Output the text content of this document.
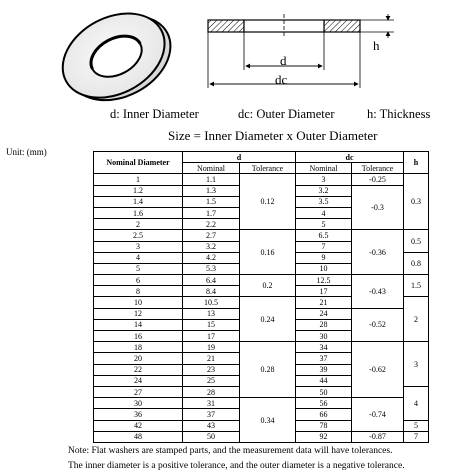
d
dc
h
d: Inner Diameter	dc: Outer Diameter	h: Thickness
Size = Inner Diameter x Outer Diameter
Unit: (mm)
Nominal Diameter	d		dc		h
	Nominal	Tolerance	Nominal	Tolerance	
1	1.1	0.12	3	-0.25	0.3
1.2	1.3		3.2	-0.3	
1.4	1.5		3.5		
1.6	1.7		4		
2	2.2		5		
2.5	2.7	0.16	6.5	-0.36	0.5
3	3.2		7		
4	4.2		9		0.8
5	5.3		10		
6	6.4	0.2	12.5	-0.43	1.5
8	8.4		17		
10	10.5	0.24	21		2
12	13		24	-0.52	
14	15		28		
16	17		30		
18	19	0.28	34	-0.62	3
20	21		37		
22	23		39		
24	25		44		
27	28		50		4
30	31	0.34	56	-0.74	
36	37		66		
42	43		78		5
48	50		92	-0.87	7
Note: Flat washers are stamped parts, and the measurement data will have tolerances.
The inner diameter is a positive tolerance, and the outer diameter is a negative tolerance.
